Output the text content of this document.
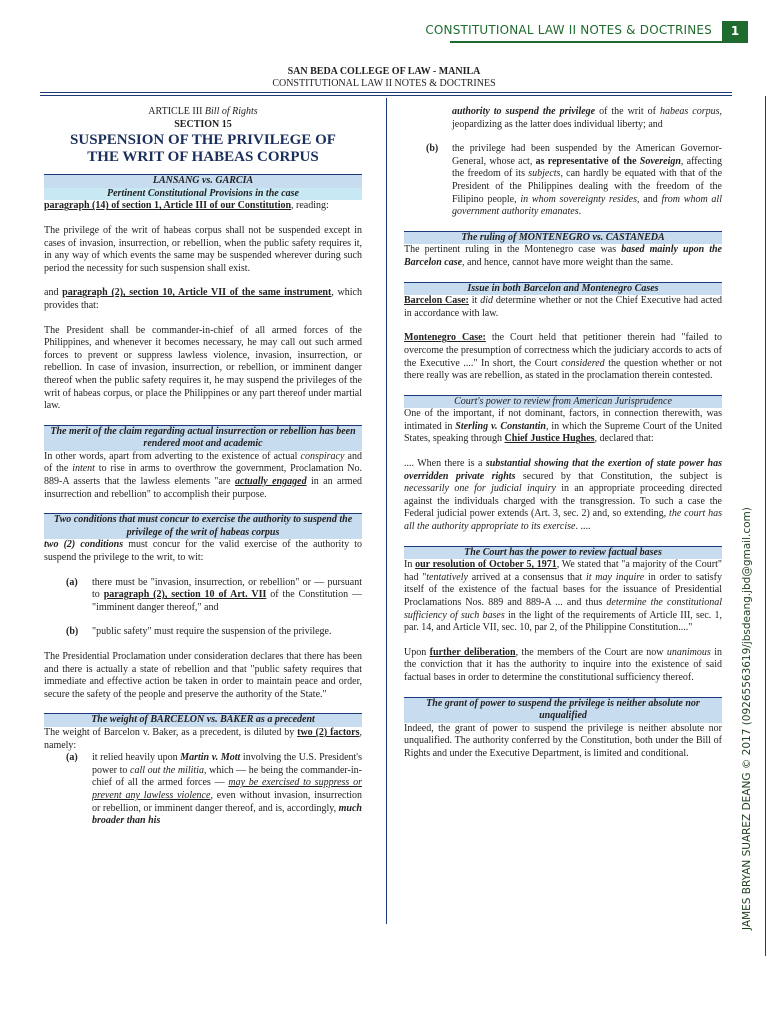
CONSTITUTIONAL LAW II NOTES & DOCTRINES	1
SAN BEDA COLLEGE OF LAW - MANILA
CONSTITUTIONAL LAW II NOTES & DOCTRINES
JAMES BRYAN SUAREZ DEANG © 2017 (09265563619/jbsdeang.jbd@gmail.com)

ARTICLE III Bill of Rights

SECTION 15

SUSPENSION OF THE PRIVILEGE OF THE WRIT OF HABEAS CORPUS
LANSANG vs. GARCIA
Pertinent Constitutional Provisions in the case

paragraph (14) of section 1, Article III of our Constitution, reading:

The privilege of the writ of habeas corpus shall not be suspended except in cases of invasion, insurrection, or rebellion, when the public safety requires it, in any way of which events the same may be suspended wherever during such period the necessity for such suspension shall exist.

and paragraph (2), section 10, Article VII of the same instrument, which provides that:

The President shall be commander-in-chief of all armed forces of the Philippines, and whenever it becomes necessary, he may call out such armed forces to prevent or suppress lawless violence, invasion, insurrection, or rebellion. In case of invasion, insurrection, or rebellion, or imminent danger thereof when the public safety requires it, he may suspend the privileges of the writ of habeas corpus, or place the Philippines or any part thereof under martial law.

The merit of the claim regarding actual insurrection or rebellion has been rendered moot and academic

In other words, apart from adverting to the existence of actual conspiracy and of the intent to rise in arms to overthrow the government, Proclamation No. 889-A asserts that the lawless elements "are actually engaged in an armed insurrection and rebellion" to accomplish their purpose.

Two conditions that must concur to exercise the authority to suspend the privilege of the writ of habeas corpus

two (2) conditions must concur for the valid exercise of the authority to suspend the privilege to the writ, to wit:

(a)	there must be "invasion, insurrection, or rebellion" or — pursuant to paragraph (2), section 10 of Art. VII of the Constitution — "imminent danger thereof," and
(b)	"public safety" must require the suspension of the privilege.

The Presidential Proclamation under consideration declares that there has been and there is actually a state of rebellion and that "public safety requires that immediate and effective action be taken in order to maintain peace and order, secure the safety of the people and preserve the authority of the State."

The weight of BARCELON vs. BAKER as a precedent

The weight of Barcelon v. Baker, as a precedent, is diluted by two (2) factors, namely:

(a)	it relied heavily upon Martin v. Mott involving the U.S. President's power to call out the militia, which — he being the commander-in-chief of all the armed forces — may be exercised to suppress or prevent any lawless violence, even without invasion, insurrection or rebellion, or imminent danger thereof, and is, accordingly, much broader than his

authority to suspend the privilege of the writ of habeas corpus, jeopardizing as the latter does individual liberty; and

(b)	the privilege had been suspended by the American Governor-General, whose act, as representative of the Sovereign, affecting the freedom of its subjects, can hardly be equated with that of the President of the Philippines dealing with the freedom of the Filipino people, in whom sovereignty resides, and from whom all government authority emanates.
The ruling of MONTENEGRO vs. CASTANEDA

The pertinent ruling in the Montenegro case was based mainly upon the Barcelon case, and hence, cannot have more weight than the same.

Issue in both Barcelon and Montenegro Cases

Barcelon Case: it did determine whether or not the Chief Executive had acted in accordance with law.

Montenegro Case: the Court held that petitioner therein had "failed to overcome the presumption of correctness which the judiciary accords to acts of the Executive ...." In short, the Court considered the question whether or not there really was are rebellion, as stated in the proclamation therein contested.

Court's power to review from American Jurisprudence

One of the important, if not dominant, factors, in connection therewith, was intimated in Sterling v. Constantin, in which the Supreme Court of the United States, speaking through Chief Justice Hughes, declared that:

.... When there is a substantial showing that the exertion of state power has overridden private rights secured by that Constitution, the subject is necessarily one for judicial inquiry in an appropriate proceeding directed against the individuals charged with the transgression. To such a case the Federal judicial power extends (Art. 3, sec. 2) and, so extending, the court has all the authority appropriate to its exercise. ....

The Court has the power to review factual bases

In our resolution of October 5, 1971, We stated that "a majority of the Court" had "tentatively arrived at a consensus that it may inquire in order to satisfy itself of the existence of the factual bases for the issuance of Presidential Proclamations Nos. 889 and 889-A ... and thus determine the constitutional sufficiency of such bases in the light of the requirements of Article III, sec. 1, par. 14, and Article VII, sec. 10, par 2, of the Philippine Constitution...."

Upon further deliberation, the members of the Court are now unanimous in the conviction that it has the authority to inquire into the existence of said factual bases in order to determine the constitutional sufficiency thereof.

The grant of power to suspend the privilege is neither absolute nor unqualified

Indeed, the grant of power to suspend the privilege is neither absolute nor unqualified. The authority conferred by the Constitution, both under the Bill of Rights and under the Executive Department, is limited and conditional.
